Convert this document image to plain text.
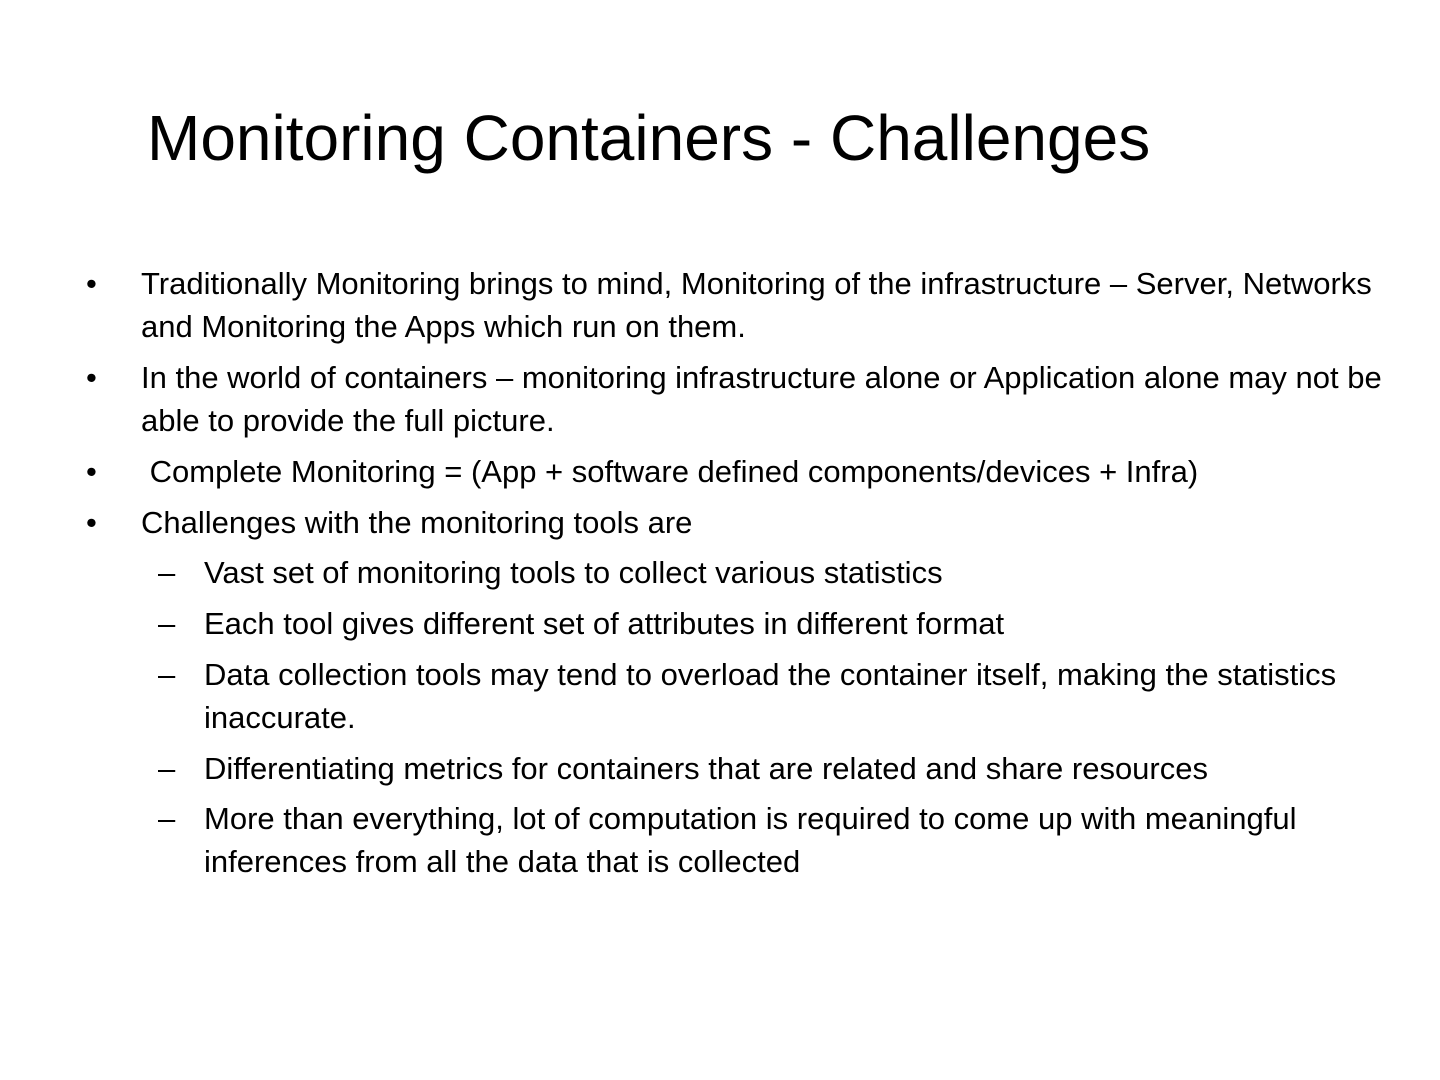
Monitoring Containers - Challenges
• Traditionally Monitoring brings to mind, Monitoring of the infrastructure – Server, Networks and Monitoring the Apps which run on them.
• In the world of containers – monitoring infrastructure alone or Application alone may not be able to provide the full picture.
• Complete Monitoring = (App + software defined components/devices + Infra)
• Challenges with the monitoring tools are
– Vast set of monitoring tools to collect various statistics
– Each tool gives different set of attributes in different format
– Data collection tools may tend to overload the container itself, making the statistics inaccurate.
– Differentiating metrics for containers that are related and share resources
– More than everything, lot of computation is required to come up with meaningful inferences from all the data that is collected
